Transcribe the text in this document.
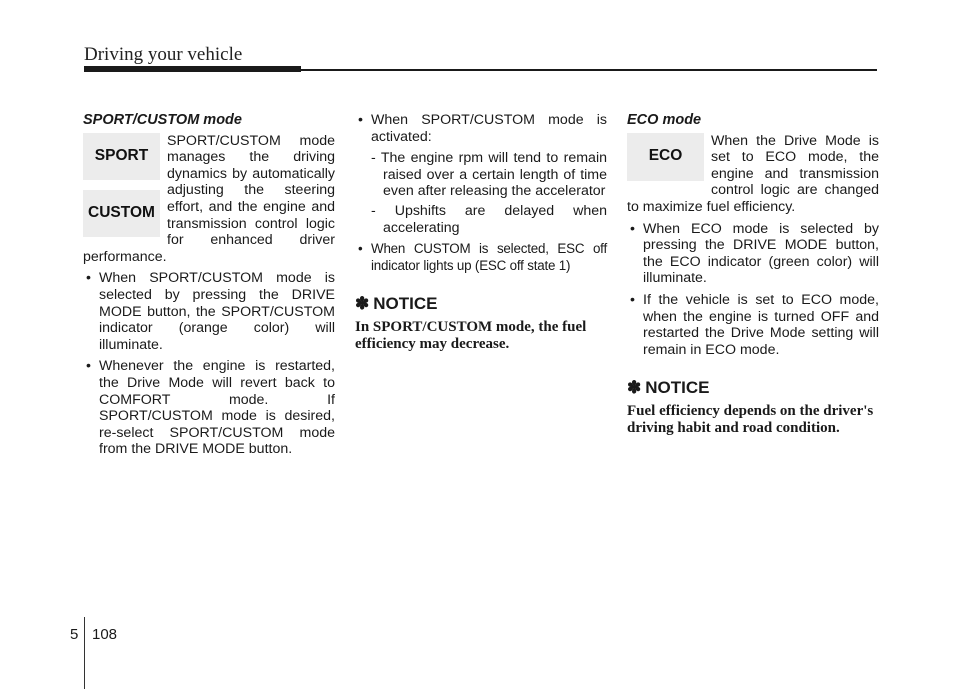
Driving your vehicle
SPORT/CUSTOM mode
SPORT
CUSTOM
SPORT/CUSTOM mode manages the driving dynamics by automatically adjusting the steering effort, and the engine and transmission control logic for enhanced driver performance.
• When SPORT/CUSTOM mode is selected by pressing the DRIVE MODE button, the SPORT/CUSTOM indicator (orange color) will illuminate.
• Whenever the engine is restarted, the Drive Mode will revert back to COMFORT mode. If SPORT/CUSTOM mode is desired, re-select SPORT/CUSTOM mode from the DRIVE MODE button.
• When SPORT/CUSTOM mode is activated:
- The engine rpm will tend to remain raised over a certain length of time even after releasing the accelerator
- Upshifts are delayed when accelerating
• When CUSTOM is selected, ESC off indicator lights up (ESC off state 1)
✽ NOTICE
In SPORT/CUSTOM mode, the fuel efficiency may decrease.
ECO mode
ECO
When the Drive Mode is set to ECO mode, the engine and transmission control logic are changed to maximize fuel efficiency.
• When ECO mode is selected by pressing the DRIVE MODE button, the ECO indicator (green color) will illuminate.
• If the vehicle is set to ECO mode, when the engine is turned OFF and restarted the Drive Mode setting will remain in ECO mode.
✽ NOTICE
Fuel efficiency depends on the driver's driving habit and road condition.
5 108
